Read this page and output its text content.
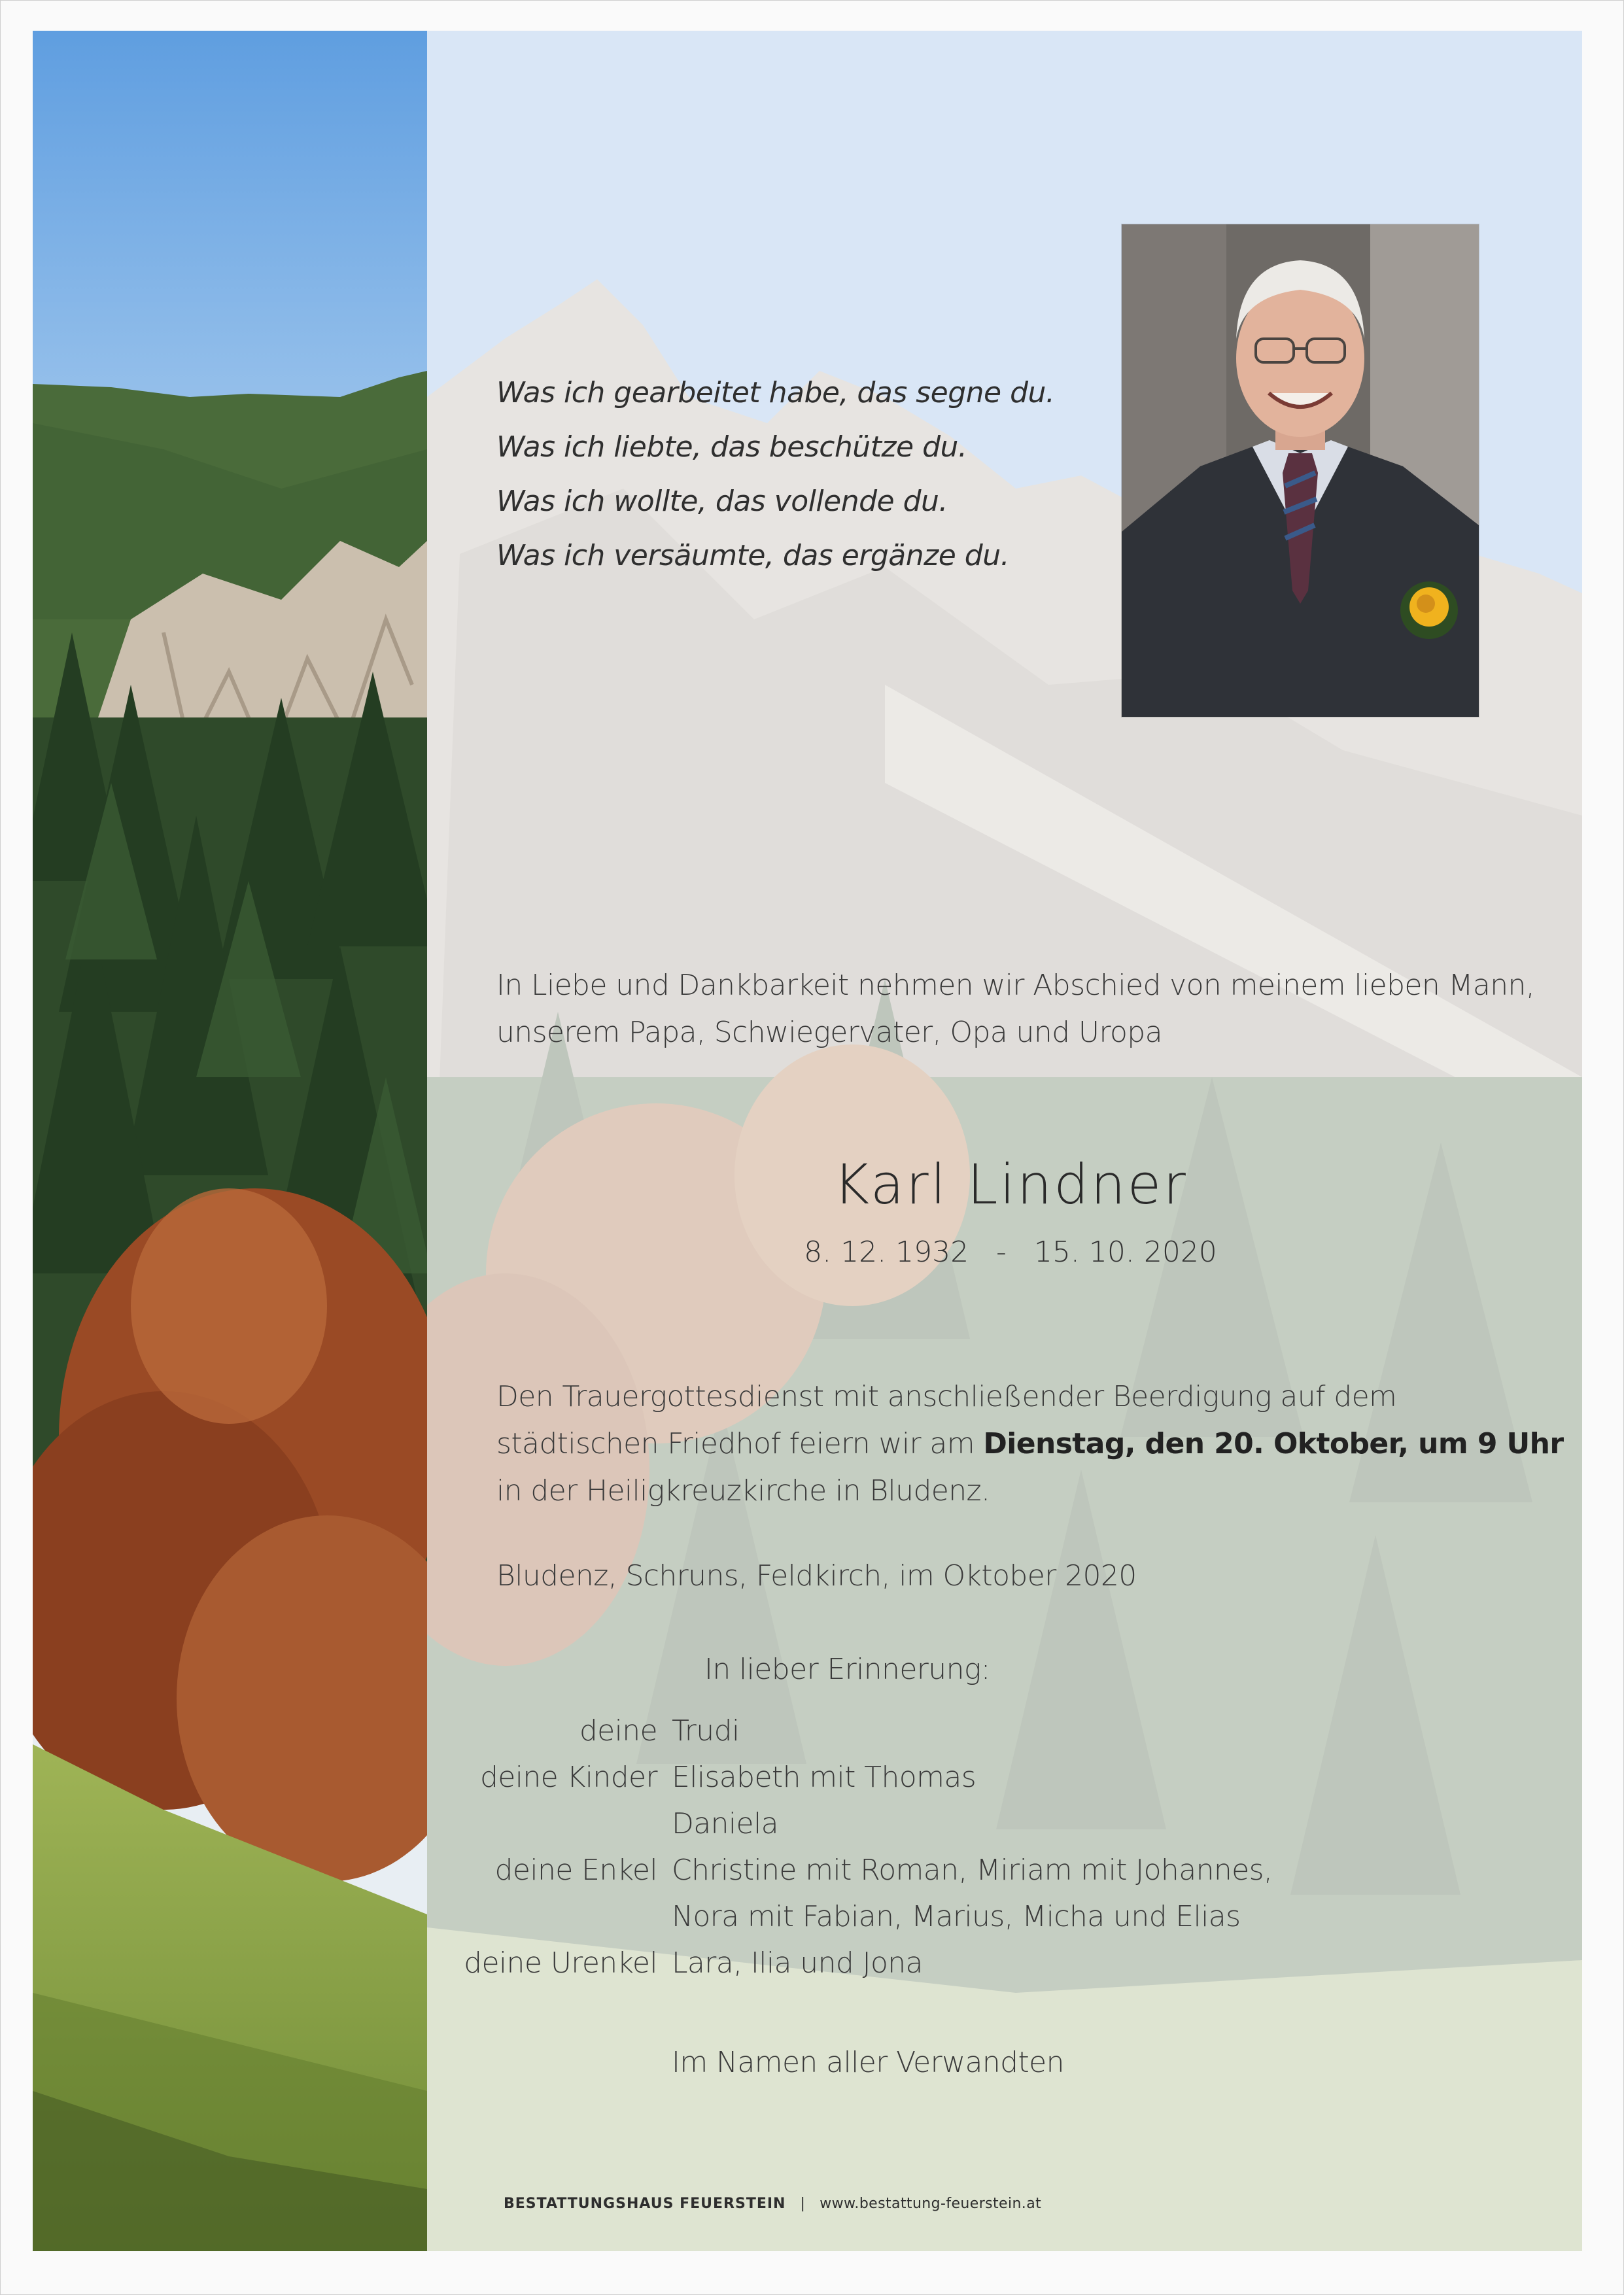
Was ich gearbeitet habe, das segne du.
Was ich liebte, das beschütze du.
Was ich wollte, das vollende du.
Was ich versäumte, das ergänze du.
In Liebe und Dankbarkeit nehmen wir Abschied von meinem lieben Mann,
unserem Papa, Schwiegervater, Opa und Uropa
Karl Lindner
8. 12. 1932 - 15. 10. 2020
Den Trauergottesdienst mit anschließender Beerdigung auf dem
städtischen Friedhof feiern wir am Dienstag, den 20. Oktober, um 9 Uhr
in der Heiligkreuzkirche in Bludenz.
Bludenz, Schruns, Feldkirch, im Oktober 2020
In lieber Erinnerung:
deine Trudi
deine Kinder Elisabeth mit Thomas
Daniela
deine Enkel Christine mit Roman, Miriam mit Johannes,
Nora mit Fabian, Marius, Micha und Elias
deine Urenkel Lara, Ilia und Jona
Im Namen aller Verwandten
BESTATTUNGSHAUS FEUERSTEIN | www.bestattung-feuerstein.at
